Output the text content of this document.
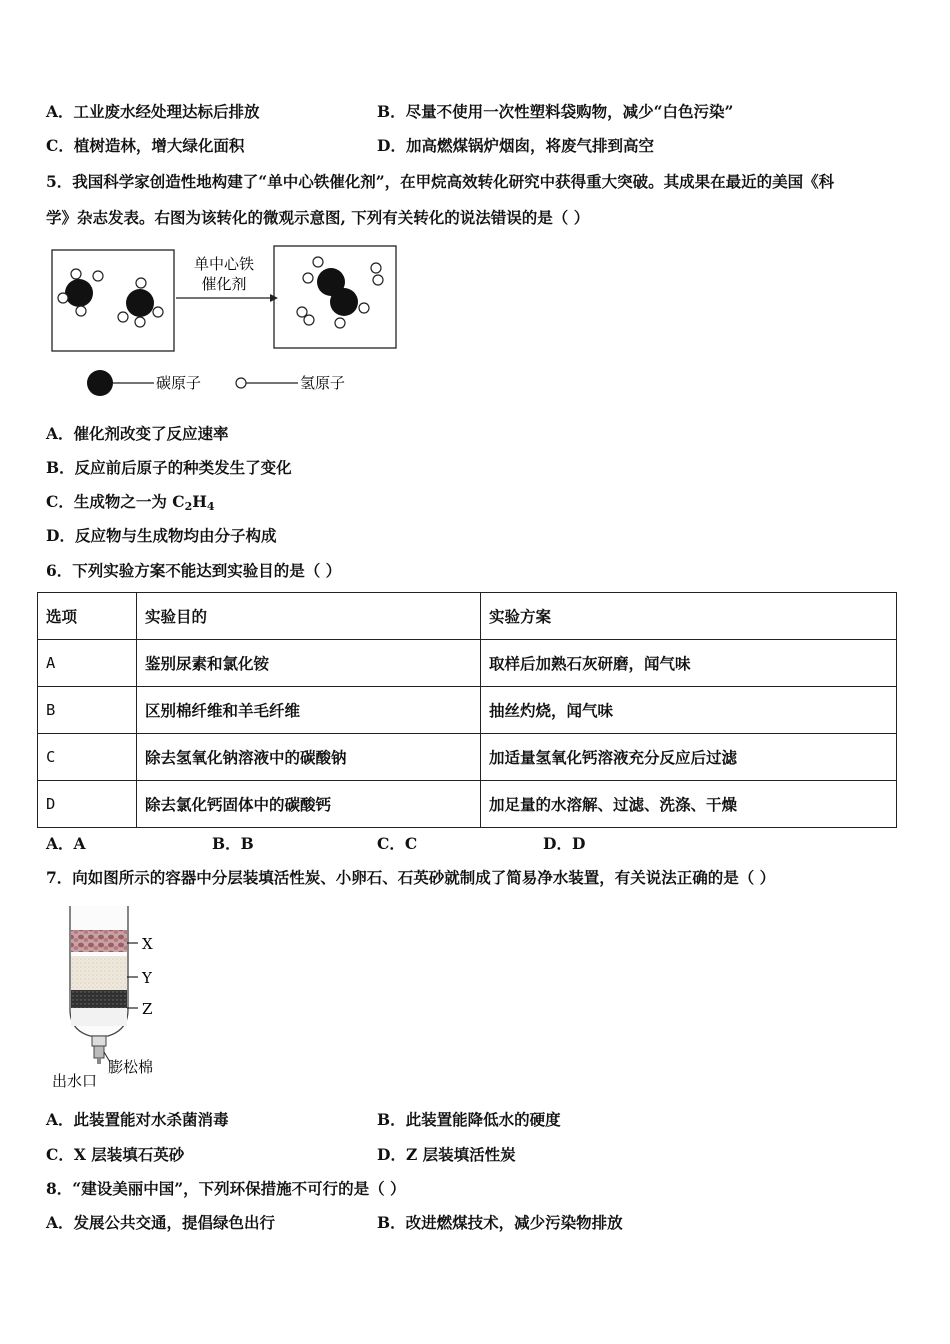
A．工业废水经处理达标后排放	B．尽量不使用一次性塑料袋购物，减少“白色污染”
C．植树造林，增大绿化面积	D．加高燃煤锅炉烟囱，将废气排到高空
5．我国科学家创造性地构建了“单中心铁催化剂”，在甲烷高效转化研究中获得重大突破。其成果在最近的美国《科
学》杂志发表。右图为该转化的微观示意图, 下列有关转化的说法错误的是（ ）
单中心铁
催化剂
碳原子	氢原子
A．催化剂改变了反应速率
B．反应前后原子的种类发生了变化
C．生成物之一为 $C_2H_4$
D．反应物与生成物均由分子构成
6．下列实验方案不能达到实验目的是（ ）
选项	实验目的	实验方案
A	鉴别尿素和氯化铵	取样后加熟石灰研磨，闻气味
B	区别棉纤维和羊毛纤维	抽丝灼烧，闻气味
C	除去氢氧化钠溶液中的碳酸钠	加适量氢氧化钙溶液充分反应后过滤
D	除去氯化钙固体中的碳酸钙	加足量的水溶解、过滤、洗涤、干燥
A．A	B．B	C．C	D．D
7．向如图所示的容器中分层装填活性炭、小卵石、石英砂就制成了简易净水装置，有关说法正确的是（ ）
X
Y
Z
膨松棉
出水口
A．此装置能对水杀菌消毒	B．此装置能降低水的硬度
C．X 层装填石英砂	D．Z 层装填活性炭
8．“建设美丽中国”，下列环保措施不可行的是（ ）
A．发展公共交通，提倡绿色出行	B．改进燃煤技术，减少污染物排放
